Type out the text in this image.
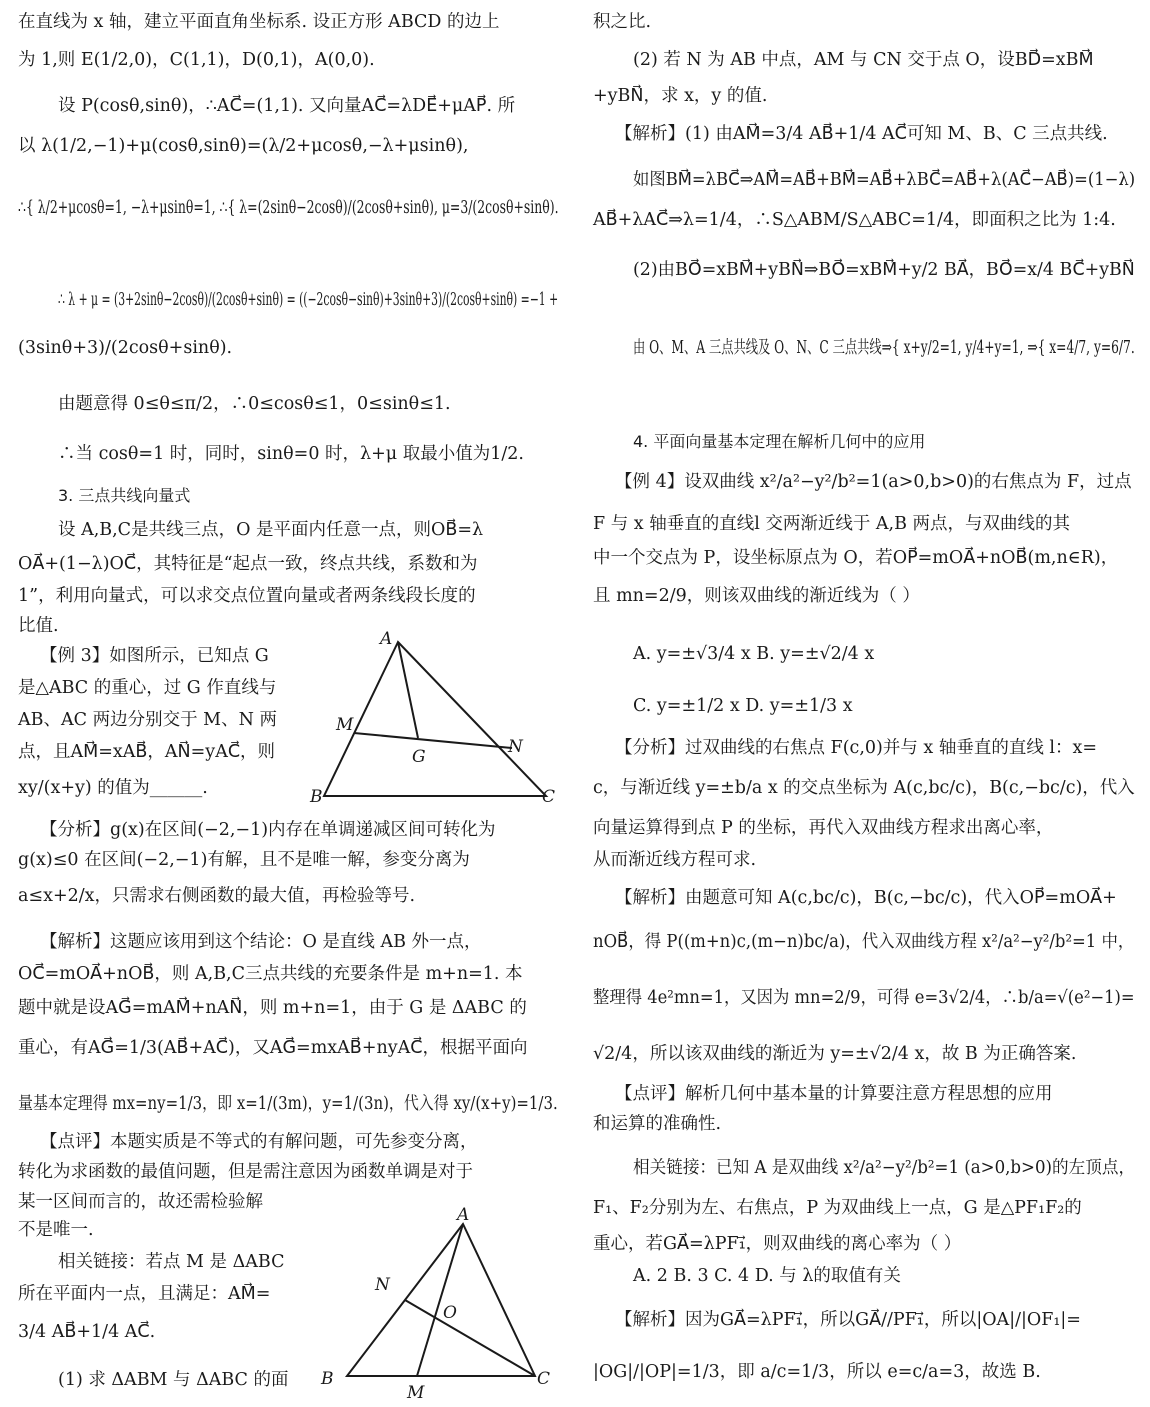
在直线为 x 轴，建立平面直角坐标系. 设正方形 ABCD 的边上
为 1,则 E(1/2,0)，C(1,1)，D(0,1)，A(0,0).
设 P(cosθ,sinθ)，∴AC⃗=(1,1). 又向量AC⃗=λDE⃗+μAP⃗. 所
以 λ(1/2,−1)+μ(cosθ,sinθ)=(λ/2+μcosθ,−λ+μsinθ),
∴{ λ/2+μcosθ=1, −λ+μsinθ=1, ∴{ λ=(2sinθ−2cosθ)/(2cosθ+sinθ), μ=3/(2cosθ+sinθ).
∴ λ + μ = (3+2sinθ−2cosθ)/(2cosθ+sinθ) = ((−2cosθ−sinθ)+3sinθ+3)/(2cosθ+sinθ) =−1 +
(3sinθ+3)/(2cosθ+sinθ).
由题意得 0≤θ≤π/2，∴0≤cosθ≤1，0≤sinθ≤1.
∴当 cosθ=1 时，同时，sinθ=0 时，λ+μ 取最小值为1/2.
3. 三点共线向量式
设 A,B,C是共线三点，O 是平面内任意一点，则OB⃗=λ
OA⃗+(1−λ)OC⃗，其特征是“起点一致，终点共线，系数和为
1”，利用向量式，可以求交点位置向量或者两条线段长度的
比值.
【例 3】如图所示，已知点 G
是△ABC 的重心，过 G 作直线与
AB、AC 两边分别交于 M、N 两
点，且AM⃗=xAB⃗，AN⃗=yAC⃗，则
xy/(x+y) 的值为______.
【分析】g(x)在区间(−2,−1)内存在单调递减区间可转化为
g(x)≤0 在区间(−2,−1)有解，且不是唯一解，参变分离为
a≤x+2/x，只需求右侧函数的最大值，再检验等号.
【解析】这题应该用到这个结论：O 是直线 AB 外一点，
OC⃗=mOA⃗+nOB⃗，则 A,B,C三点共线的充要条件是 m+n=1. 本
题中就是设AG⃗=mAM⃗+nAN⃗，则 m+n=1，由于 G 是 ΔABC 的
重心，有AG⃗=1/3(AB⃗+AC⃗)，又AG⃗=mxAB⃗+nyAC⃗，根据平面向
量基本定理得 mx=ny=1/3，即 x=1/(3m)，y=1/(3n)，代入得 xy/(x+y)=1/3.
【点评】本题实质是不等式的有解问题，可先参变分离，
转化为求函数的最值问题，但是需注意因为函数单调是对于
某一区间而言的，故还需检验解
不是唯一.
相关链接：若点 M 是 ΔABC
所在平面内一点，且满足：AM⃗=
3/4 AB⃗+1/4 AC⃗.
(1) 求 ΔABM 与 ΔABC 的面
积之比.
(2) 若 N 为 AB 中点，AM 与 CN 交于点 O，设BD⃗=xBM⃗
+yBN⃗，求 x，y 的值.
【解析】(1) 由AM⃗=3/4 AB⃗+1/4 AC⃗可知 M、B、C 三点共线.
如图BM⃗=λBC⃗⇒AM⃗=AB⃗+BM⃗=AB⃗+λBC⃗=AB⃗+λ(AC⃗−AB⃗)=(1−λ)
AB⃗+λAC⃗⇒λ=1/4，∴S△ABM/S△ABC=1/4，即面积之比为 1:4.
(2)由BO⃗=xBM⃗+yBN⃗⇒BO⃗=xBM⃗+y/2 BA⃗，BO⃗=x/4 BC⃗+yBN⃗
由 O、M、A 三点共线及 O、N、C 三点共线⇒{ x+y/2=1, y/4+y=1, ⇒{ x=4/7, y=6/7.
4. 平面向量基本定理在解析几何中的应用
【例 4】设双曲线 x²/a²−y²/b²=1(a>0,b>0)的右焦点为 F，过点
F 与 x 轴垂直的直线l 交两渐近线于 A,B 两点，与双曲线的其
中一个交点为 P，设坐标原点为 O，若OP⃗=mOA⃗+nOB⃗(m,n∈R)，
且 mn=2/9，则该双曲线的渐近线为（ ）
A. y=±√3/4 x B. y=±√2/4 x
C. y=±1/2 x D. y=±1/3 x
【分析】过双曲线的右焦点 F(c,0)并与 x 轴垂直的直线 l：x=
c，与渐近线 y=±b/a x 的交点坐标为 A(c,bc/c)，B(c,−bc/c)，代入
向量运算得到点 P 的坐标，再代入双曲线方程求出离心率，
从而渐近线方程可求.
【解析】由题意可知 A(c,bc/c)，B(c,−bc/c)，代入OP⃗=mOA⃗+
nOB⃗，得 P((m+n)c,(m−n)bc/a)，代入双曲线方程 x²/a²−y²/b²=1 中，
整理得 4e²mn=1，又因为 mn=2/9，可得 e=3√2/4，∴b/a=√(e²−1)=
√2/4，所以该双曲线的渐近为 y=±√2/4 x，故 B 为正确答案.
【点评】解析几何中基本量的计算要注意方程思想的应用
和运算的准确性.
相关链接：已知 A 是双曲线 x²/a²−y²/b²=1 (a>0,b>0)的左顶点，
F₁、F₂分别为左、右焦点，P 为双曲线上一点，G 是△PF₁F₂的
重心，若GA⃗=λPF₁⃗，则双曲线的离心率为（ ）
A. 2 B. 3 C. 4 D. 与 λ的取值有关
【解析】因为GA⃗=λPF₁⃗，所以GA⃗//PF₁⃗，所以|OA|/|OF₁|=
|OG|/|OP|=1/3，即 a/c=1/3，所以 e=c/a=3，故选 B.
A
M
G	N
B	C
A
N
O
B	C
M
